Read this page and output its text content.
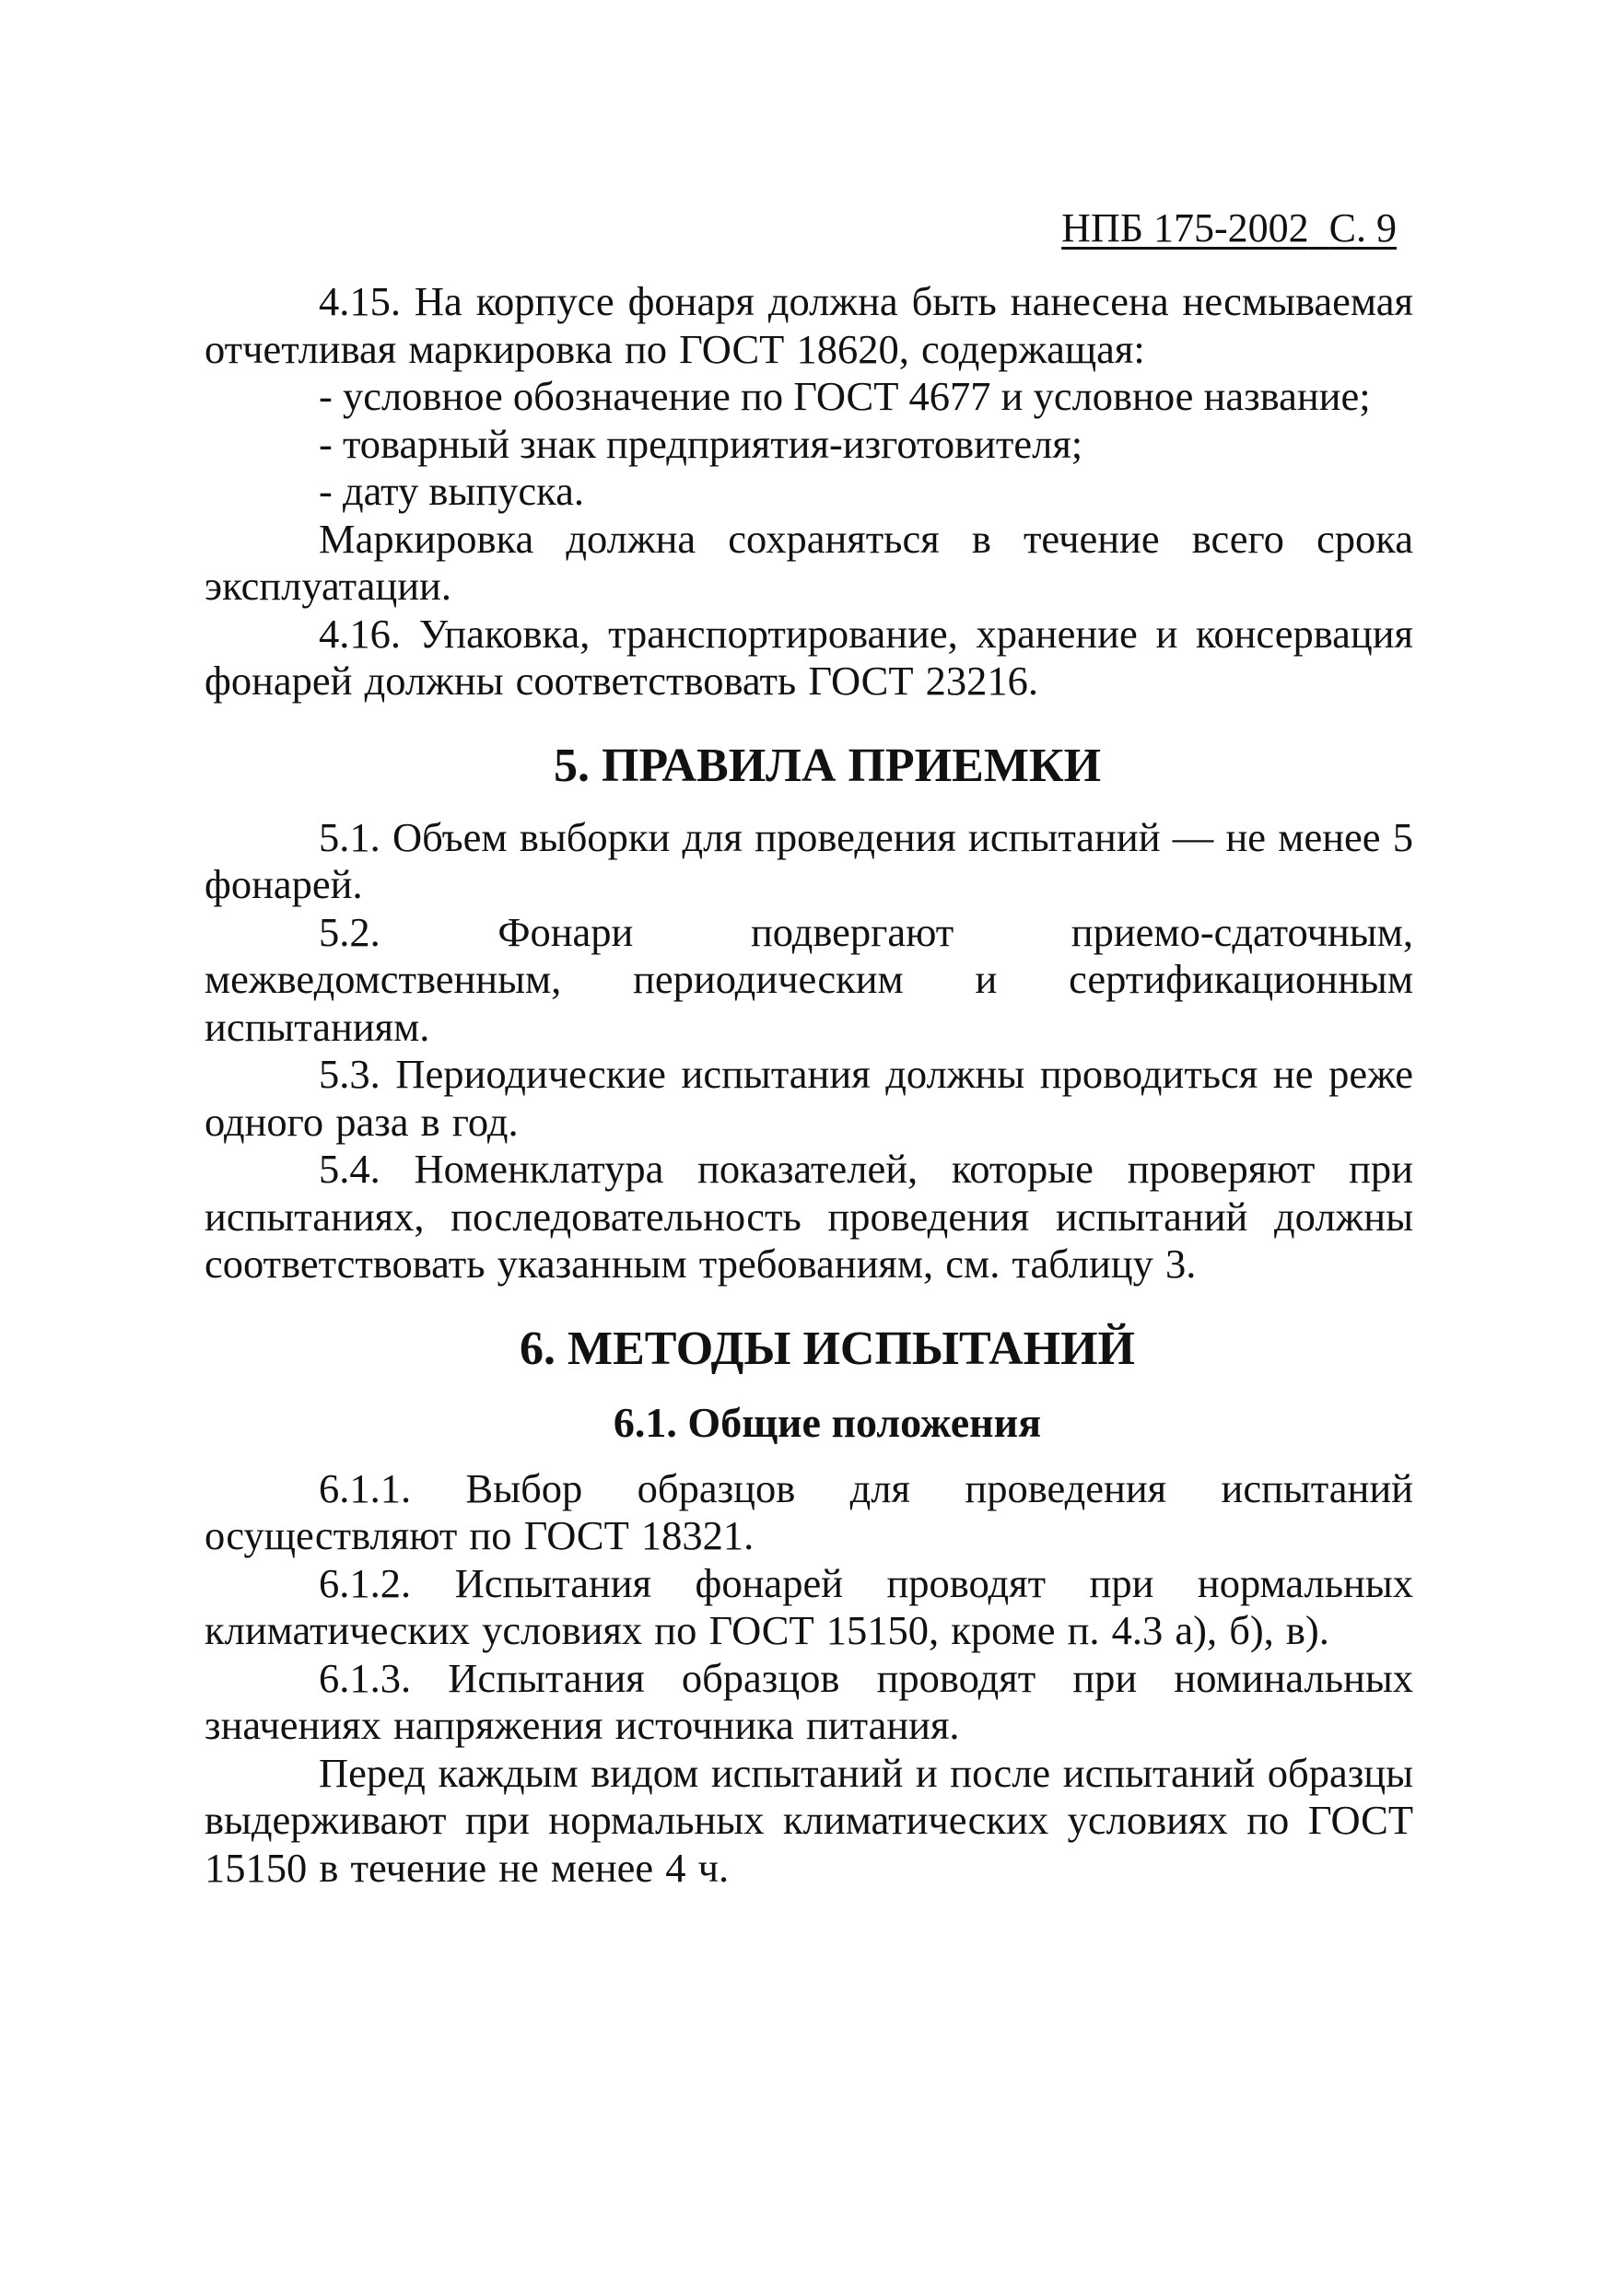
НПБ 175-2002 С. 9

4.15. На корпусе фонаря должна быть нанесена несмываемая отчетливая маркировка по ГОСТ 18620, содержащая:

- условное обозначение по ГОСТ 4677 и условное название;

- товарный знак предприятия-изготовителя;

- дату выпуска.

Маркировка должна сохраняться в течение всего срока эксплуатации.

4.16. Упаковка, транспортирование, хранение и консервация фонарей должны соответствовать ГОСТ 23216.

5. ПРАВИЛА ПРИЕМКИ

5.1. Объем выборки для проведения испытаний — не менее 5 фонарей.

5.2. Фонари подвергают приемо-сдаточным, межведомственным, периодическим и сертификационным испытаниям.

5.3. Периодические испытания должны проводиться не реже одного раза в год.

5.4. Номенклатура показателей, которые проверяют при испытаниях, последовательность проведения испытаний должны соответствовать указанным требованиям, см. таблицу 3.

6. МЕТОДЫ ИСПЫТАНИЙ
6.1. Общие положения

6.1.1. Выбор образцов для проведения испытаний осуществляют по ГОСТ 18321.

6.1.2. Испытания фонарей проводят при нормальных климатических условиях по ГОСТ 15150, кроме п. 4.3 а), б), в).

6.1.3. Испытания образцов проводят при номинальных значениях напряжения источника питания.

Перед каждым видом испытаний и после испытаний образцы выдерживают при нормальных климатических условиях по ГОСТ 15150 в течение не менее 4 ч.
